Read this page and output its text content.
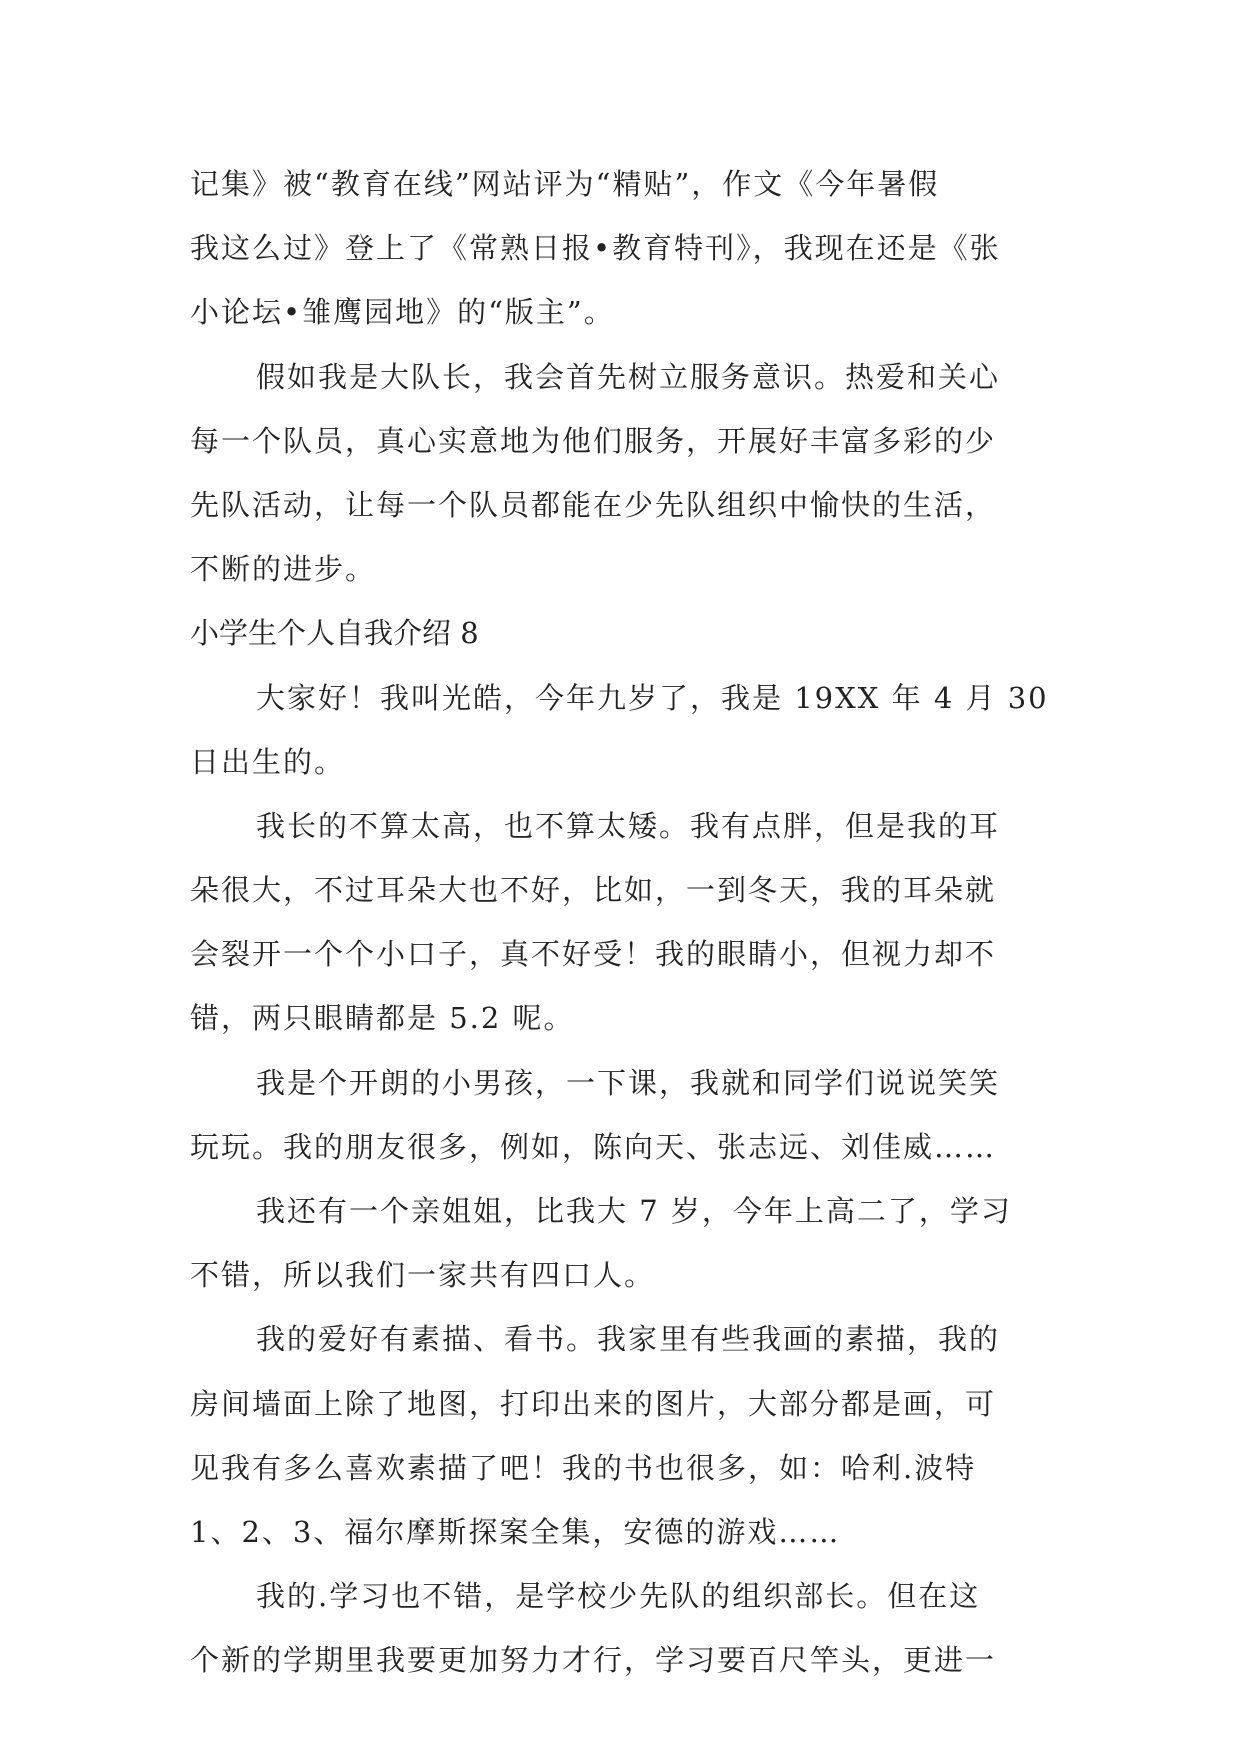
记集》被“教育在线”网站评为“精贴”，作文《今年暑假
我这么过》登上了《常熟日报•教育特刊》，我现在还是《张
小论坛•雏鹰园地》的“版主”。
假如我是大队长，我会首先树立服务意识。热爱和关心
每一个队员，真心实意地为他们服务，开展好丰富多彩的少
先队活动，让每一个队员都能在少先队组织中愉快的生活，
不断的进步。
小学生个人自我介绍 8
大家好！我叫光皓，今年九岁了，我是 19XX 年 4 月 30
日出生的。
我长的不算太高，也不算太矮。我有点胖，但是我的耳
朵很大，不过耳朵大也不好，比如，一到冬天，我的耳朵就
会裂开一个个小口子，真不好受！我的眼睛小，但视力却不
错，两只眼睛都是 5.2 呢。
我是个开朗的小男孩，一下课，我就和同学们说说笑笑
玩玩。我的朋友很多，例如，陈向天、张志远、刘佳威……
我还有一个亲姐姐，比我大 7 岁，今年上高二了，学习
不错，所以我们一家共有四口人。
我的爱好有素描、看书。我家里有些我画的素描，我的
房间墙面上除了地图，打印出来的图片，大部分都是画，可
见我有多么喜欢素描了吧！我的书也很多，如：哈利.波特
1、2、3、福尔摩斯探案全集，安德的游戏……
我的.学习也不错，是学校少先队的组织部长。但在这
个新的学期里我要更加努力才行，学习要百尺竿头，更进一
